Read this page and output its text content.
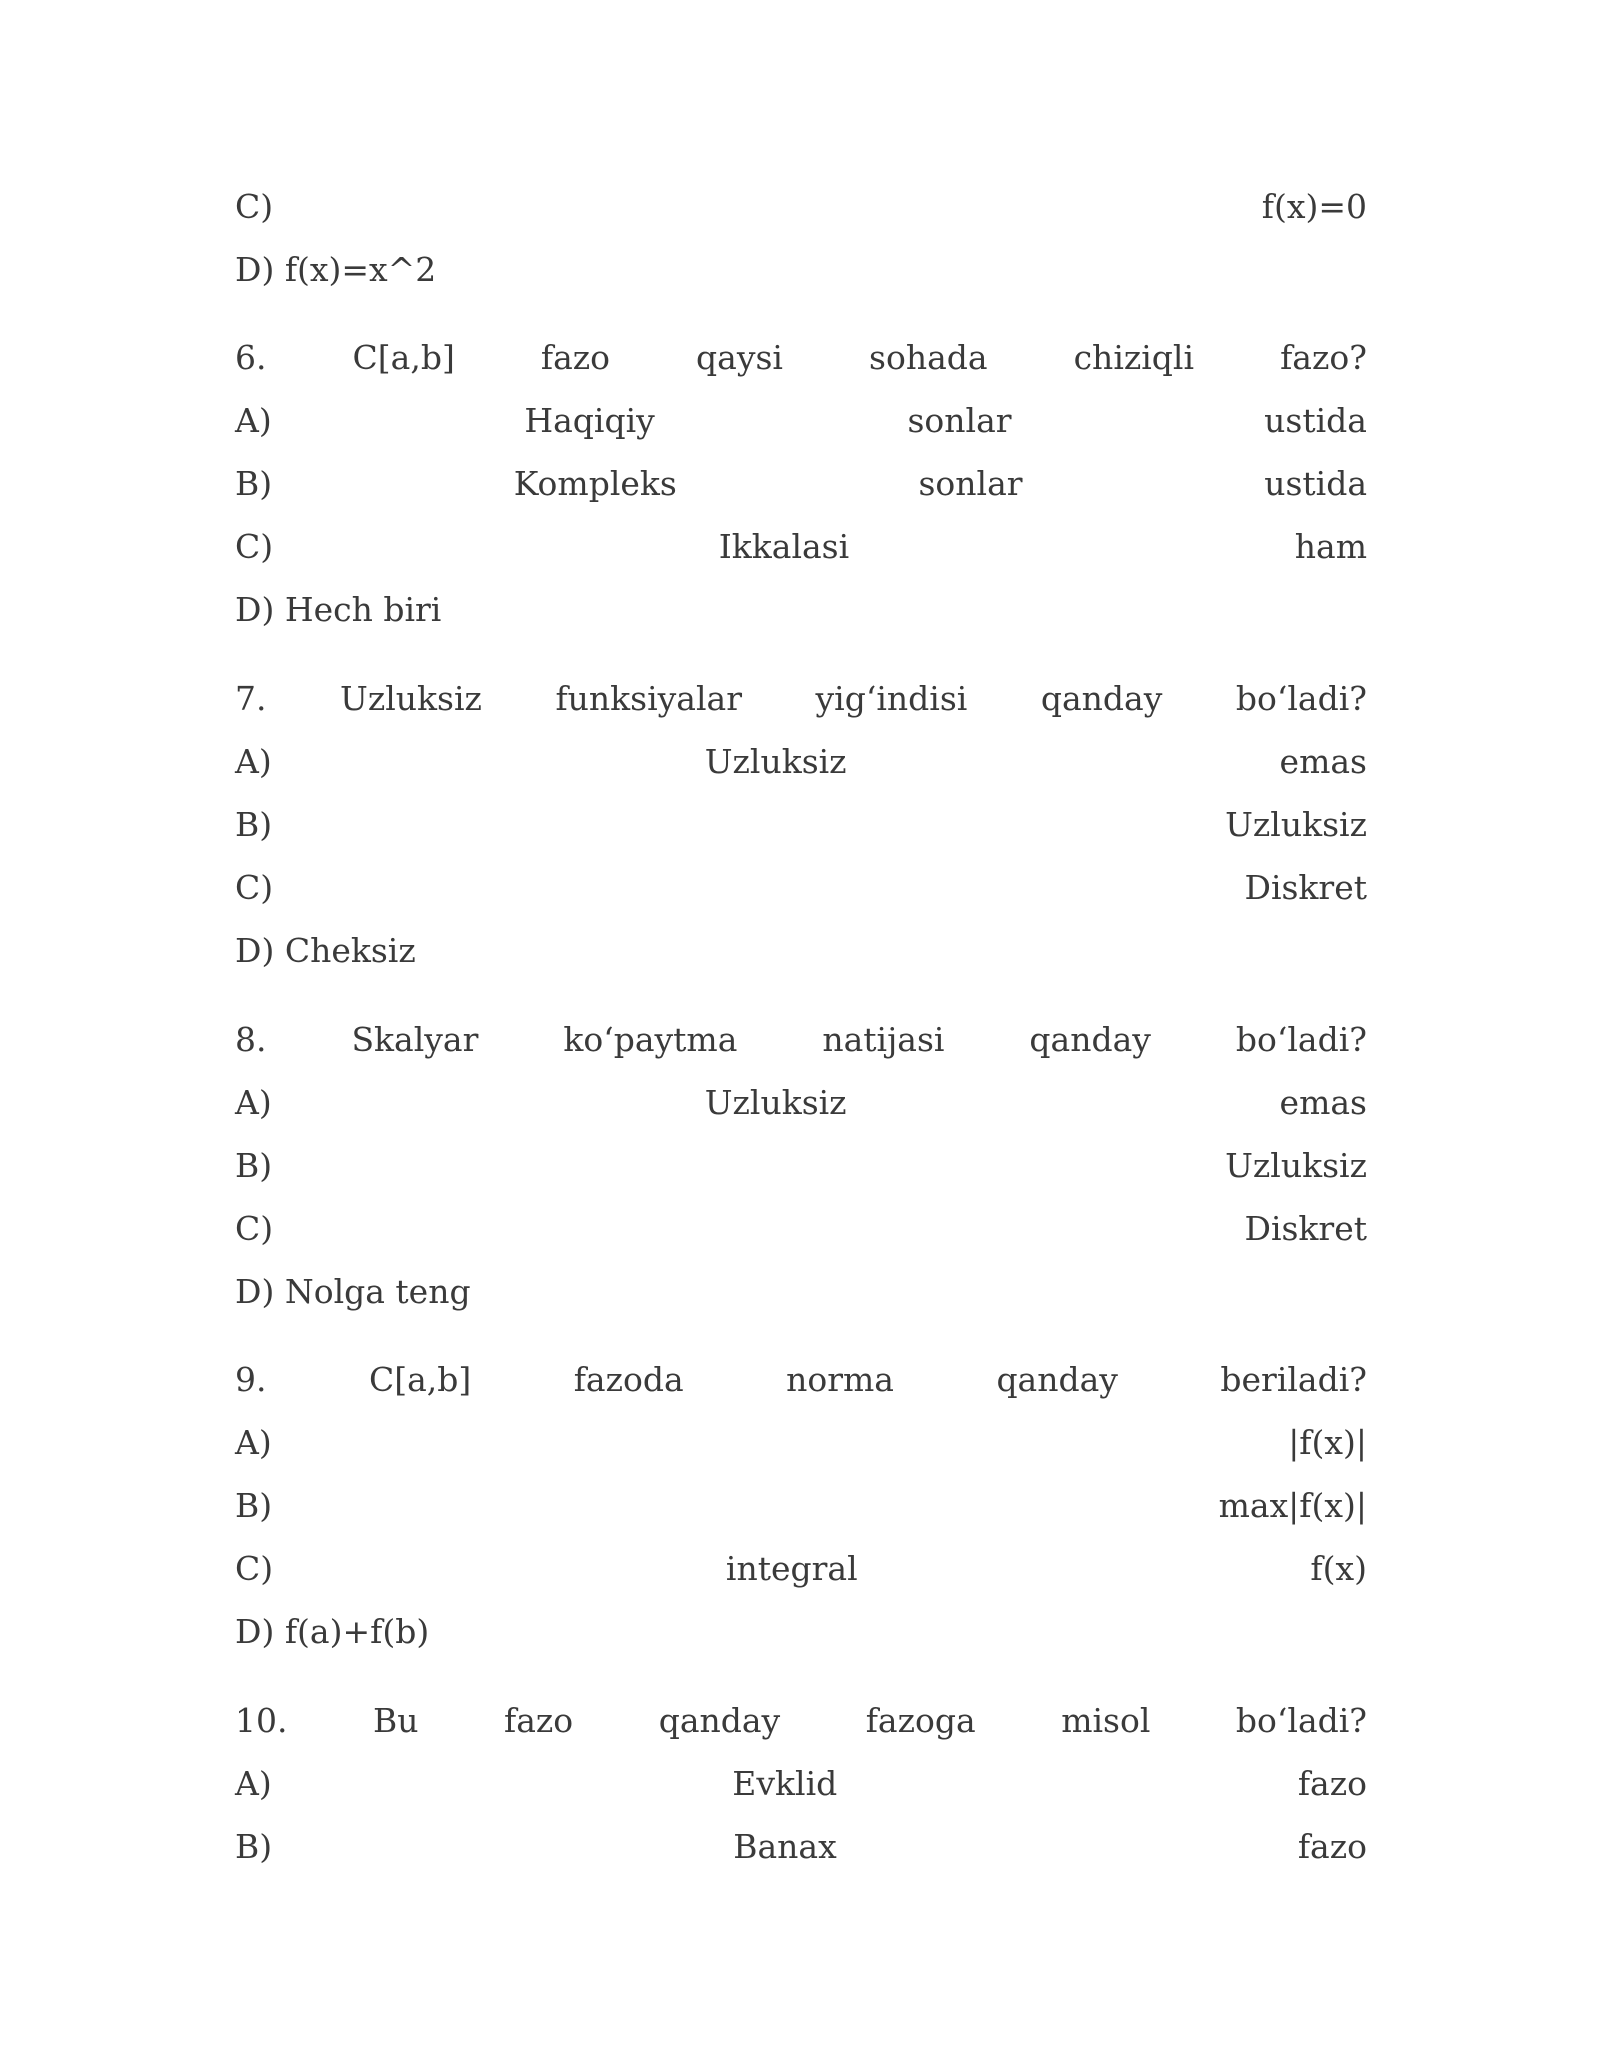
C)	f(x)=0
D) f(x)=x^2
6.	C[a,b]	fazo	qaysi	sohada	chiziqli	fazo?
A)	Haqiqiy	sonlar	ustida
B)	Kompleks	sonlar	ustida
C)	Ikkalasi	ham
D) Hech biri
7. Uzluksiz funksiyalar yig‘indisi qanday bo‘ladi?
A)	Uzluksiz	emas
B)	Uzluksiz
C)	Diskret
D) Cheksiz
8.	Skalyar	ko‘paytma	natijasi	qanday	bo‘ladi?
A)	Uzluksiz	emas
B)	Uzluksiz
C)	Diskret
D) Nolga teng
9.	C[a,b]	fazoda	norma	qanday	beriladi?
A)	|f(x)|
B)	max|f(x)|
C)	integral	f(x)
D) f(a)+f(b)
10.	Bu	fazo	qanday	fazoga	misol	bo‘ladi?
A)	Evklid	fazo
B)	Banax	fazo
